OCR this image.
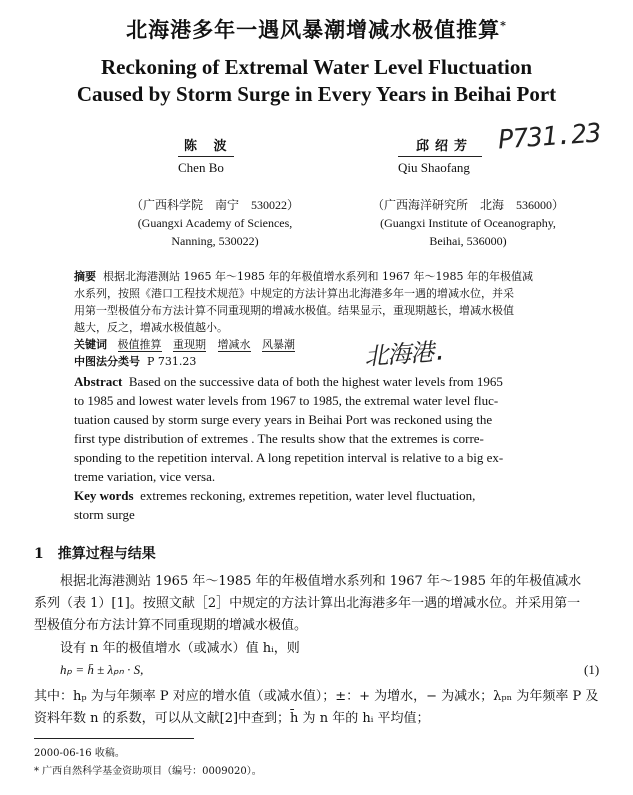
北海港多年一遇风暴潮增减水极值推算*
Reckoning of Extremal Water Level Fluctuation
Caused by Storm Surge in Every Years in Beihai Port
陈 波
Chen Bo
邱绍芳
Qiu Shaofang
P731.23
（广西科学院　南宁　530022）
(Guangxi Academy of Sciences,
Nanning, 530022)
（广西海洋研究所　北海　536000）
(Guangxi Institute of Oceanography,
Beihai, 536000)
摘要 根据北海港测站 1965 年～1985 年的年极值增水系列和 1967 年～1985 年的年极值减
水系列，按照《港口工程技术规范》中规定的方法计算出北海港多年一遇的增减水位，并采
用第一型极值分布方法计算不同重现期的增减水极值。结果显示，重现期越长，增减水极值
越大，反之，增减水极值越小。
关键词 极值推算 重现期 增减水 风暴潮
中图法分类号 P 731.23	北海港.
Abstract Based on the successive data of both the highest water levels from 1965
to 1985 and lowest water levels from 1967 to 1985, the extremal water level fluc-
tuation caused by storm surge every years in Beihai Port was reckoned using the
first type distribution of extremes . The results show that the extremes is corre-
sponding to the repetition interval. A long repetition interval is relative to a big ex-
treme variation, vice versa.
Key words extremes reckoning, extremes repetition, water level fluctuation,
storm surge
1　推算过程与结果
根据北海港测站 1965 年～1985 年的年极值增水系列和 1967 年～1985 年的年极值减水
系列（表 1）[1]。按照文献［2］中规定的方法计算出北海港多年一遇的增减水位。并采用第一
型极值分布方法计算不同重现期的增减水极值。
设有 n 年的极值增水（或减水）值 hᵢ，则
hₚ = h̄ ± λₚₙ · S,	(1)
其中：hₚ 为与年频率 P 对应的增水值（或减水值）；±：+ 为增水，− 为减水；λₚₙ 为年频率 P 及
资料年数 n 的系数，可以从文献[2]中查到；h̄ 为 n 年的 hᵢ 平均值；
2000-06-16 收稿。
* 广西自然科学基金资助项目（编号：0009020）。
